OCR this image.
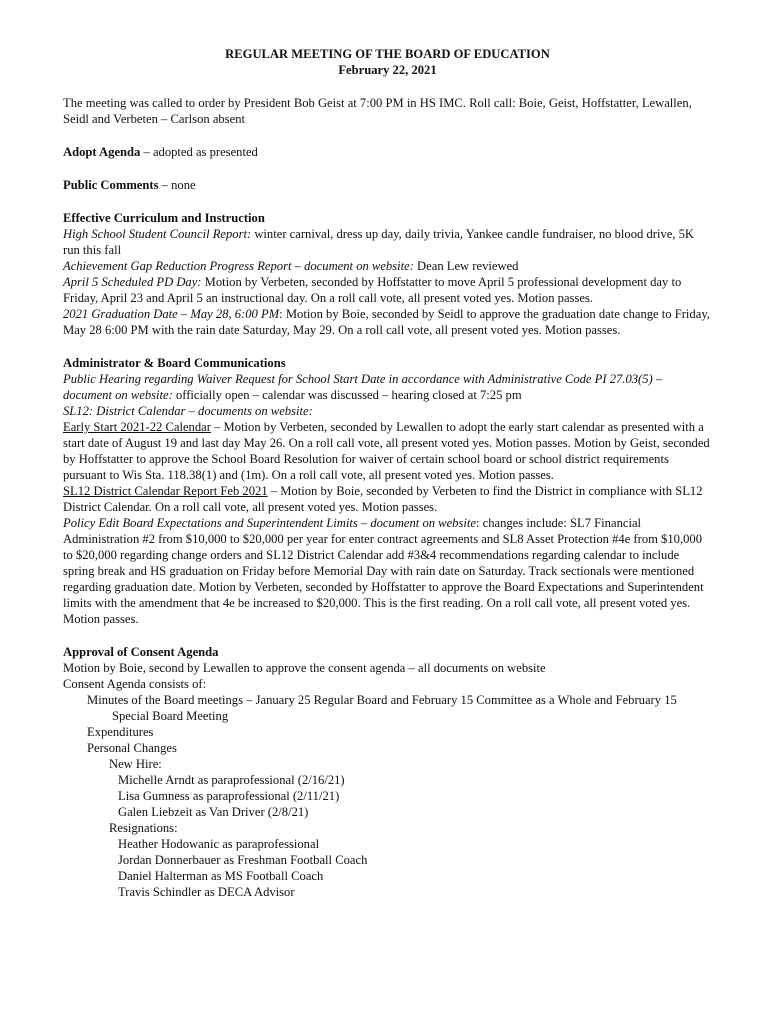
REGULAR MEETING OF THE BOARD OF EDUCATION
February 22, 2021

The meeting was called to order by President Bob Geist at 7:00 PM in HS IMC. Roll call: Boie, Geist, Hoffstatter, Lewallen, Seidl and Verbeten – Carlson absent

Adopt Agenda – adopted as presented

Public Comments – none

Effective Curriculum and Instruction

High School Student Council Report: winter carnival, dress up day, daily trivia, Yankee candle fundraiser, no blood drive, 5K run this fall

Achievement Gap Reduction Progress Report – document on website: Dean Lew reviewed

April 5 Scheduled PD Day: Motion by Verbeten, seconded by Hoffstatter to move April 5 professional development day to Friday, April 23 and April 5 an instructional day. On a roll call vote, all present voted yes. Motion passes.

2021 Graduation Date – May 28, 6:00 PM: Motion by Boie, seconded by Seidl to approve the graduation date change to Friday, May 28 6:00 PM with the rain date Saturday, May 29. On a roll call vote, all present voted yes. Motion passes.

Administrator & Board Communications

Public Hearing regarding Waiver Request for School Start Date in accordance with Administrative Code PI 27.03(5) – document on website: officially open – calendar was discussed – hearing closed at 7:25 pm

SL12: District Calendar – documents on website:

Early Start 2021-22 Calendar – Motion by Verbeten, seconded by Lewallen to adopt the early start calendar as presented with a start date of August 19 and last day May 26. On a roll call vote, all present voted yes. Motion passes. Motion by Geist, seconded by Hoffstatter to approve the School Board Resolution for waiver of certain school board or school district requirements pursuant to Wis Sta. 118.38(1) and (1m). On a roll call vote, all present voted yes. Motion passes.

SL12 District Calendar Report Feb 2021 – Motion by Boie, seconded by Verbeten to find the District in compliance with SL12 District Calendar. On a roll call vote, all present voted yes. Motion passes.

Policy Edit Board Expectations and Superintendent Limits – document on website: changes include: SL7 Financial Administration #2 from $10,000 to $20,000 per year for enter contract agreements and SL8 Asset Protection #4e from $10,000 to $20,000 regarding change orders and SL12 District Calendar add #3&4 recommendations regarding calendar to include spring break and HS graduation on Friday before Memorial Day with rain date on Saturday. Track sectionals were mentioned regarding graduation date. Motion by Verbeten, seconded by Hoffstatter to approve the Board Expectations and Superintendent limits with the amendment that 4e be increased to $20,000. This is the first reading. On a roll call vote, all present voted yes. Motion passes.

Approval of Consent Agenda

Motion by Boie, second by Lewallen to approve the consent agenda – all documents on website

Consent Agenda consists of:

Minutes of the Board meetings – January 25 Regular Board and February 15 Committee as a Whole and February 15 Special Board Meeting

Expenditures

Personal Changes

New Hire:

Michelle Arndt as paraprofessional (2/16/21)

Lisa Gumness as paraprofessional (2/11/21)

Galen Liebzeit as Van Driver (2/8/21)

Resignations:

Heather Hodowanic as paraprofessional

Jordan Donnerbauer as Freshman Football Coach

Daniel Halterman as MS Football Coach

Travis Schindler as DECA Advisor
